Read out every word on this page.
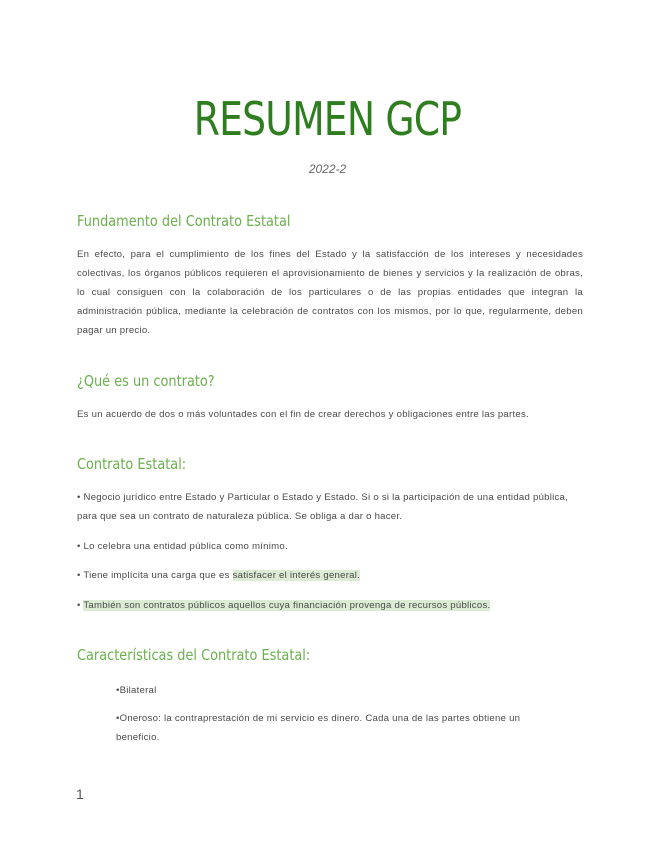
RESUMEN GCP
2022-2
Fundamento del Contrato Estatal
En efecto, para el cumplimiento de los fines del Estado y la satisfacción de los intereses y necesidades colectivas, los órganos públicos requieren el aprovisionamiento de bienes y servicios y la realización de obras, lo cual consiguen con la colaboración de los particulares o de las propias entidades que integran la administración pública, mediante la celebración de contratos con los mismos, por lo que, regularmente, deben pagar un precio.
¿Qué es un contrato?
Es un acuerdo de dos o más voluntades con el fin de crear derechos y obligaciones entre las partes.
Contrato Estatal:
• Negocio jurídico entre Estado y Particular o Estado y Estado. Si o si la participación de una entidad pública, para que sea un contrato de naturaleza pública. Se obliga a dar o hacer.
• Lo celebra una entidad pública como mínimo.
• Tiene implícita una carga que es satisfacer el interés general.
• También son contratos públicos aquellos cuya financiación provenga de recursos públicos.
Características del Contrato Estatal:
•Bilateral
•Oneroso: la contraprestación de mi servicio es dinero. Cada una de las partes obtiene un beneficio.
1
